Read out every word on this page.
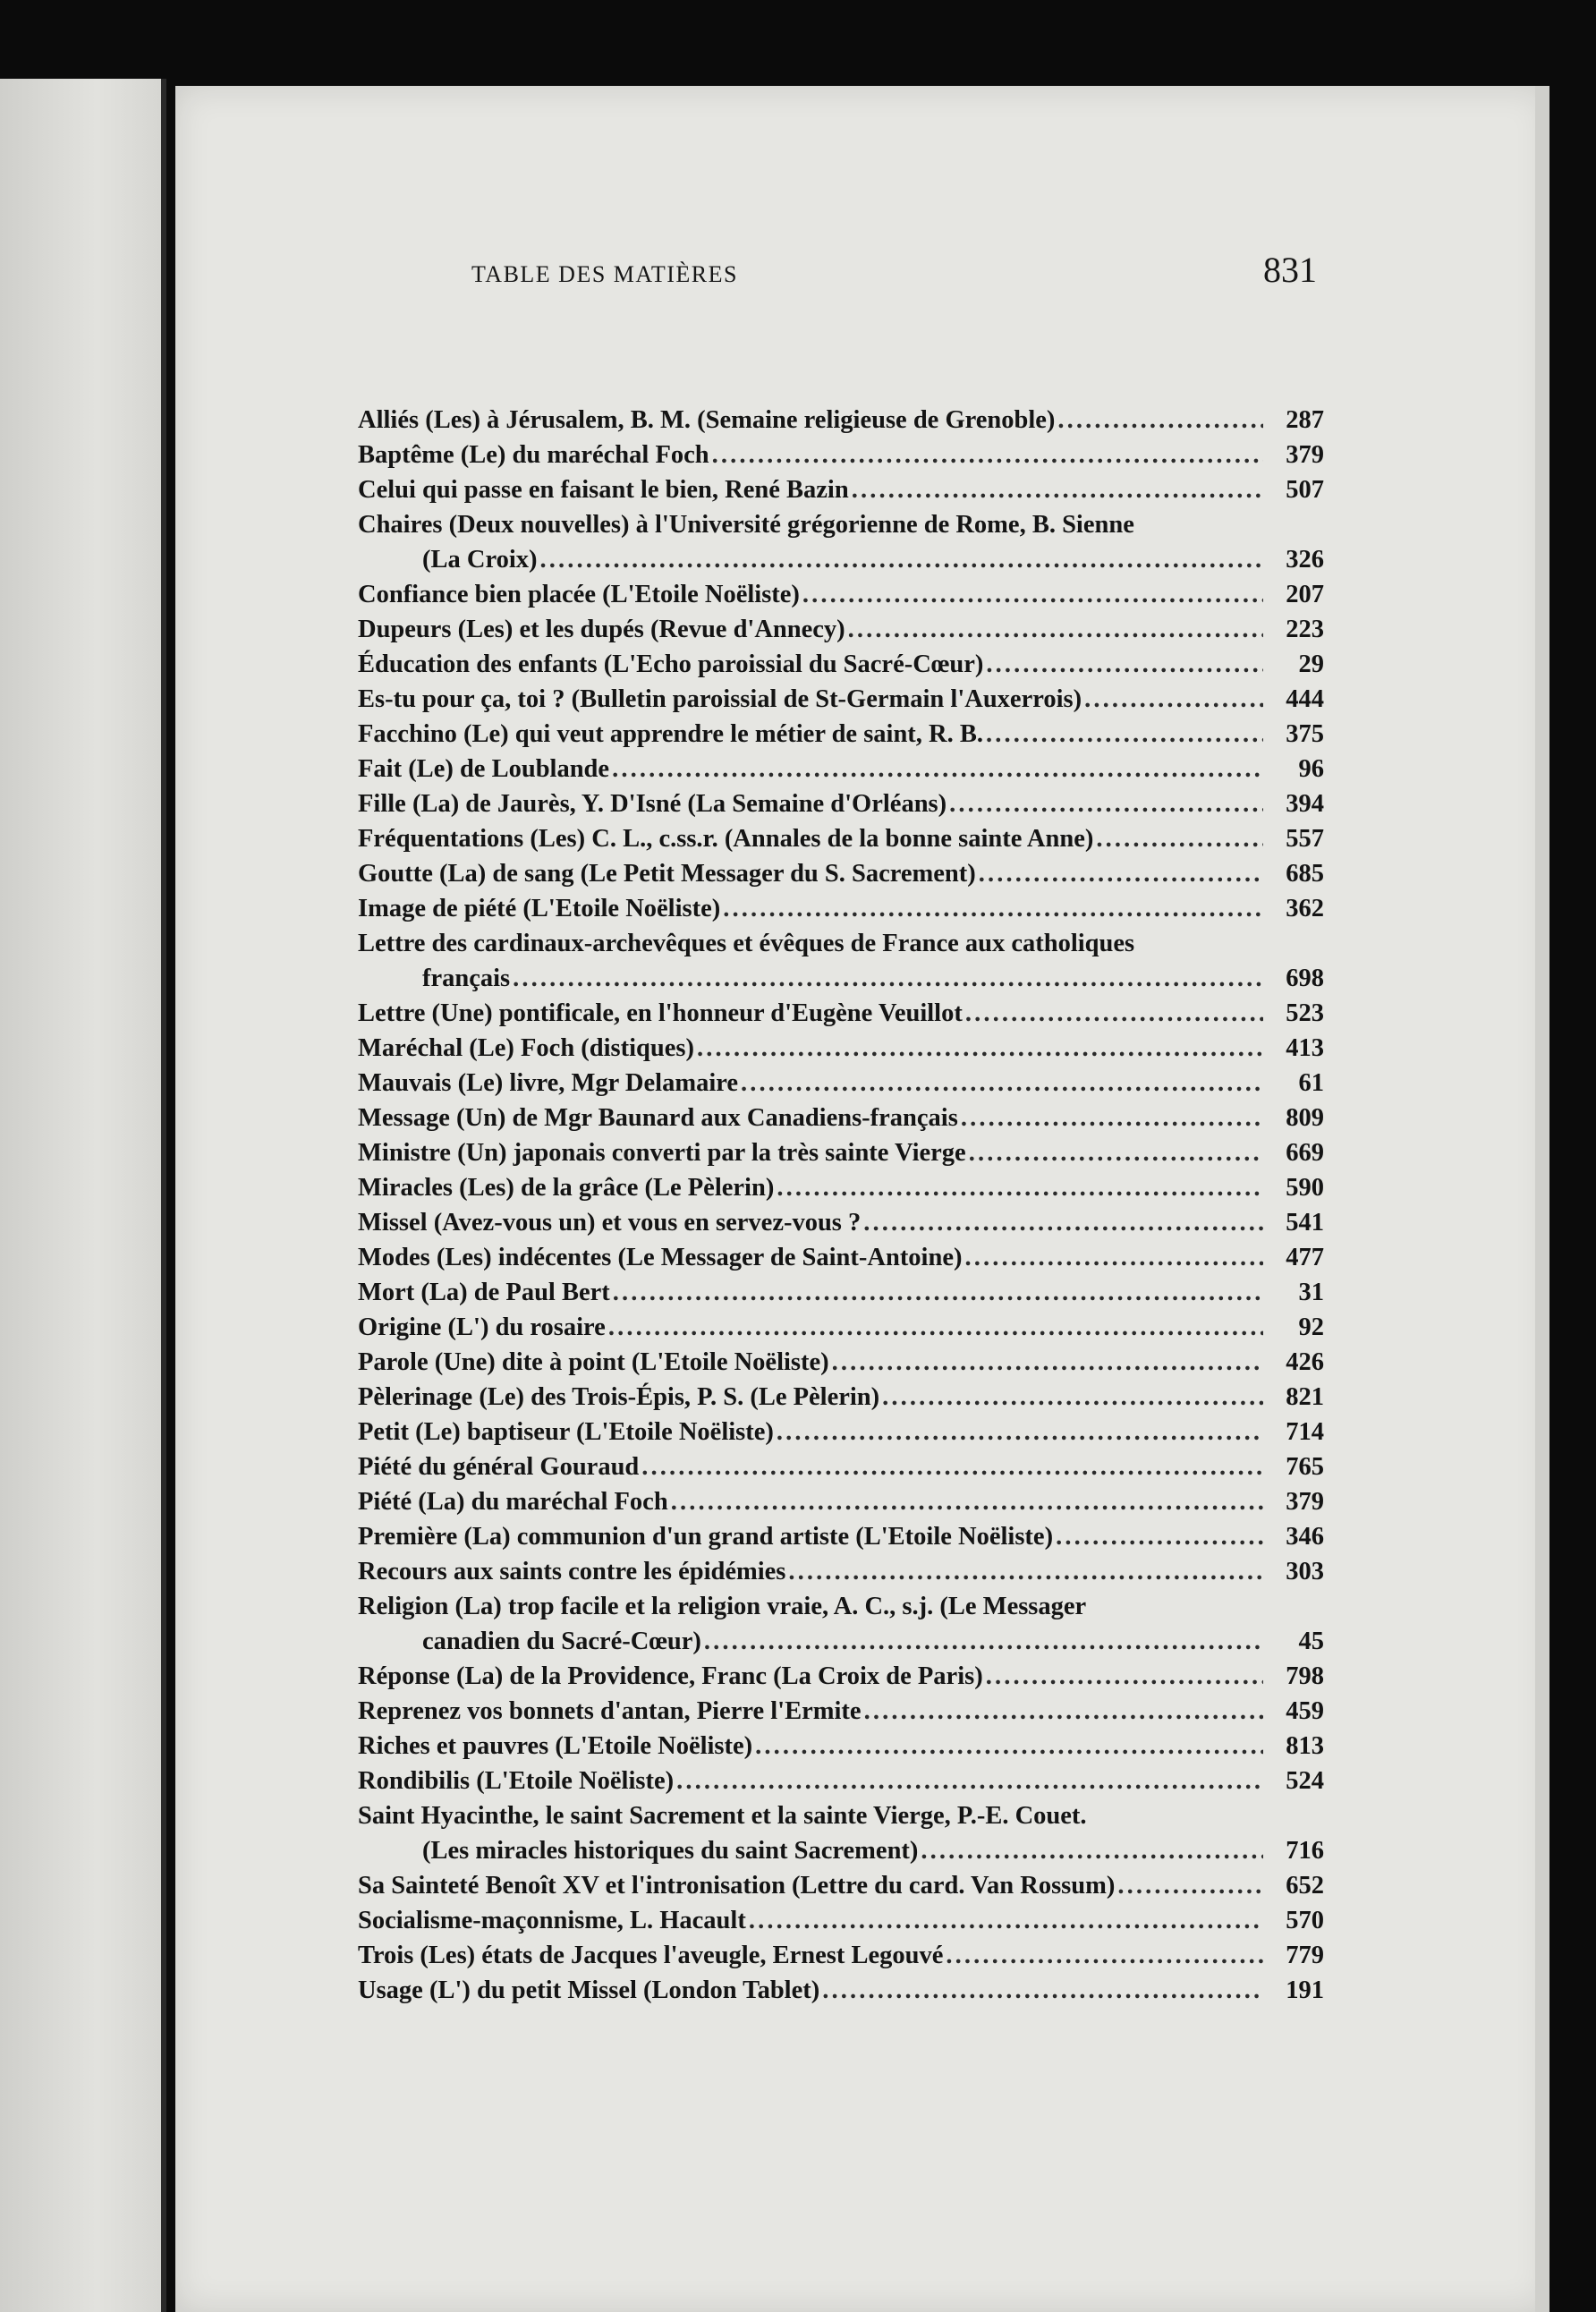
TABLE DES MATIÈRES	831
Alliés (Les) à Jérusalem, B. M. (Semaine religieuse de Grenoble) . . .	287
Baptême (Le) du maréchal Foch . . .	379
Celui qui passe en faisant le bien, René Bazin . . .	507
Chaires (Deux nouvelles) à l'Université grégorienne de Rome, B. Sienne
(La Croix) . . .	326
Confiance bien placée (L'Etoile Noëliste) . . .	207
Dupeurs (Les) et les dupés (Revue d'Annecy) . . .	223
Éducation des enfants (L'Echo paroissial du Sacré-Cœur) . . .	29
Es-tu pour ça, toi ? (Bulletin paroissial de St-Germain l'Auxerrois) . . .	444
Facchino (Le) qui veut apprendre le métier de saint, R. B. . . .	375
Fait (Le) de Loublande . . .	96
Fille (La) de Jaurès, Y. D'Isné (La Semaine d'Orléans) . . .	394
Fréquentations (Les) C. L., c.ss.r. (Annales de la bonne sainte Anne) . . .	557
Goutte (La) de sang (Le Petit Messager du S. Sacrement) . . .	685
Image de piété (L'Etoile Noëliste) . . .	362
Lettre des cardinaux-archevêques et évêques de France aux catholiques
français . . .	698
Lettre (Une) pontificale, en l'honneur d'Eugène Veuillot . . .	523
Maréchal (Le) Foch (distiques) . . .	413
Mauvais (Le) livre, Mgr Delamaire . . .	61
Message (Un) de Mgr Baunard aux Canadiens-français . . .	809
Ministre (Un) japonais converti par la très sainte Vierge . . .	669
Miracles (Les) de la grâce (Le Pèlerin) . . .	590
Missel (Avez-vous un) et vous en servez-vous ? . . .	541
Modes (Les) indécentes (Le Messager de Saint-Antoine) . . .	477
Mort (La) de Paul Bert . . .	31
Origine (L') du rosaire . . .	92
Parole (Une) dite à point (L'Etoile Noëliste) . . .	426
Pèlerinage (Le) des Trois-Épis, P. S. (Le Pèlerin) . . .	821
Petit (Le) baptiseur (L'Etoile Noëliste) . . .	714
Piété du général Gouraud . . .	765
Piété (La) du maréchal Foch . . .	379
Première (La) communion d'un grand artiste (L'Etoile Noëliste) . . .	346
Recours aux saints contre les épidémies . . .	303
Religion (La) trop facile et la religion vraie, A. C., s.j. (Le Messager
canadien du Sacré-Cœur) . . .	45
Réponse (La) de la Providence, Franc (La Croix de Paris) . . .	798
Reprenez vos bonnets d'antan, Pierre l'Ermite . . .	459
Riches et pauvres (L'Etoile Noëliste) . . .	813
Rondibilis (L'Etoile Noëliste) . . .	524
Saint Hyacinthe, le saint Sacrement et la sainte Vierge, P.-E. Couet.
(Les miracles historiques du saint Sacrement) . . .	716
Sa Sainteté Benoît XV et l'intronisation (Lettre du card. Van Rossum) . . .	652
Socialisme-maçonnisme, L. Hacault . . .	570
Trois (Les) états de Jacques l'aveugle, Ernest Legouvé . . .	779
Usage (L') du petit Missel (London Tablet) . . .	191
